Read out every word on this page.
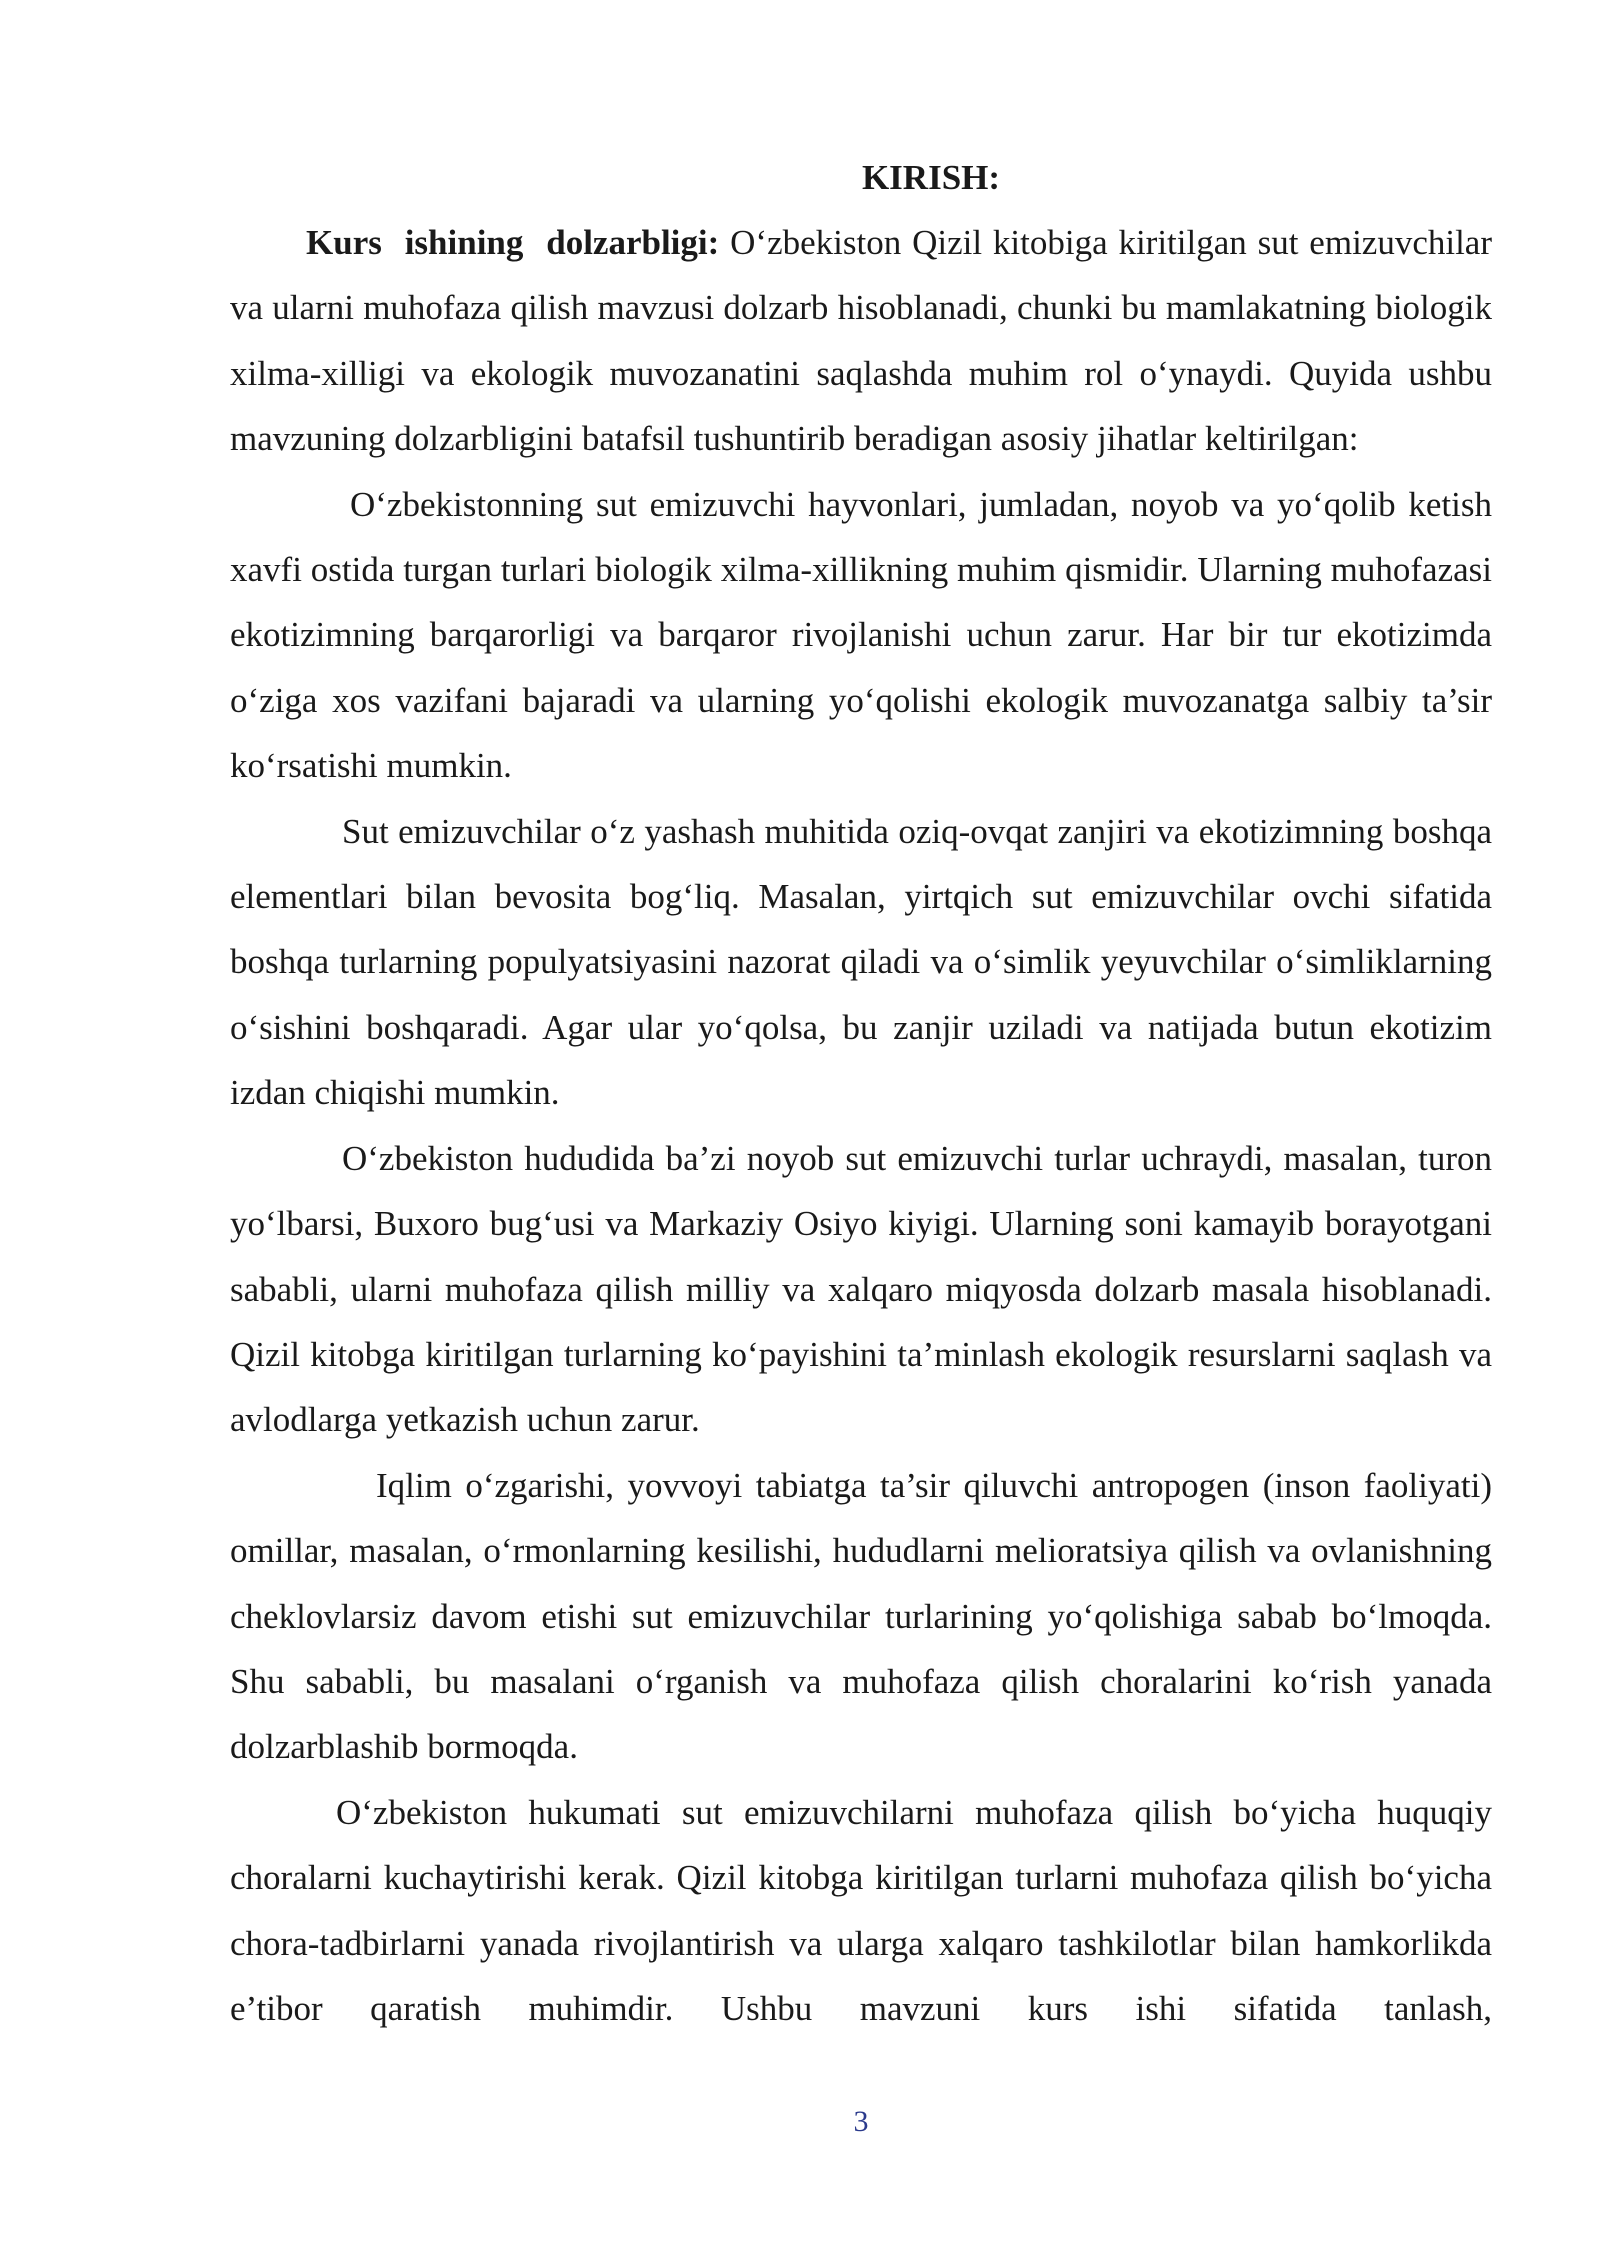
KIRISH:

Kurs ishining dolzarbligi: O‘zbekiston Qizil kitobiga kiritilgan sut emizuvchilar va ularni muhofaza qilish mavzusi dolzarb hisoblanadi, chunki bu mamlakatning biologik xilma-xilligi va ekologik muvozanatini saqlashda muhim rol o‘ynaydi. Quyida ushbu mavzuning dolzarbligini batafsil tushuntirib beradigan asosiy jihatlar keltirilgan:

O‘zbekistonning sut emizuvchi hayvonlari, jumladan, noyob va yo‘qolib ketish xavfi ostida turgan turlari biologik xilma-xillikning muhim qismidir. Ularning muhofazasi ekotizimning barqarorligi va barqaror rivojlanishi uchun zarur. Har bir tur ekotizimda o‘ziga xos vazifani bajaradi va ularning yo‘qolishi ekologik muvozanatga salbiy ta’sir ko‘rsatishi mumkin.

Sut emizuvchilar o‘z yashash muhitida oziq-ovqat zanjiri va ekotizimning boshqa elementlari bilan bevosita bog‘liq. Masalan, yirtqich sut emizuvchilar ovchi sifatida boshqa turlarning populyatsiyasini nazorat qiladi va o‘simlik yeyuvchilar o‘simliklarning o‘sishini boshqaradi. Agar ular yo‘qolsa, bu zanjir uziladi va natijada butun ekotizim izdan chiqishi mumkin.

O‘zbekiston hududida ba’zi noyob sut emizuvchi turlar uchraydi, masalan, turon yo‘lbarsi, Buxoro bug‘usi va Markaziy Osiyo kiyigi. Ularning soni kamayib borayotgani sababli, ularni muhofaza qilish milliy va xalqaro miqyosda dolzarb masala hisoblanadi. Qizil kitobga kiritilgan turlarning ko‘payishini ta’minlash ekologik resurslarni saqlash va avlodlarga yetkazish uchun zarur.

Iqlim o‘zgarishi, yovvoyi tabiatga ta’sir qiluvchi antropogen (inson faoliyati) omillar, masalan, o‘rmonlarning kesilishi, hududlarni melioratsiya qilish va ovlanishning cheklovlarsiz davom etishi sut emizuvchilar turlarining yo‘qolishiga sabab bo‘lmoqda. Shu sababli, bu masalani o‘rganish va muhofaza qilish choralarini ko‘rish yanada dolzarblashib bormoqda.

O‘zbekiston hukumati sut emizuvchilarni muhofaza qilish bo‘yicha huquqiy choralarni kuchaytirishi kerak. Qizil kitobga kiritilgan turlarni muhofaza qilish bo‘yicha chora-tadbirlarni yanada rivojlantirish va ularga xalqaro tashkilotlar bilan hamkorlikda e’tibor qaratish muhimdir. Ushbu mavzuni kurs ishi sifatida tanlash,

3
